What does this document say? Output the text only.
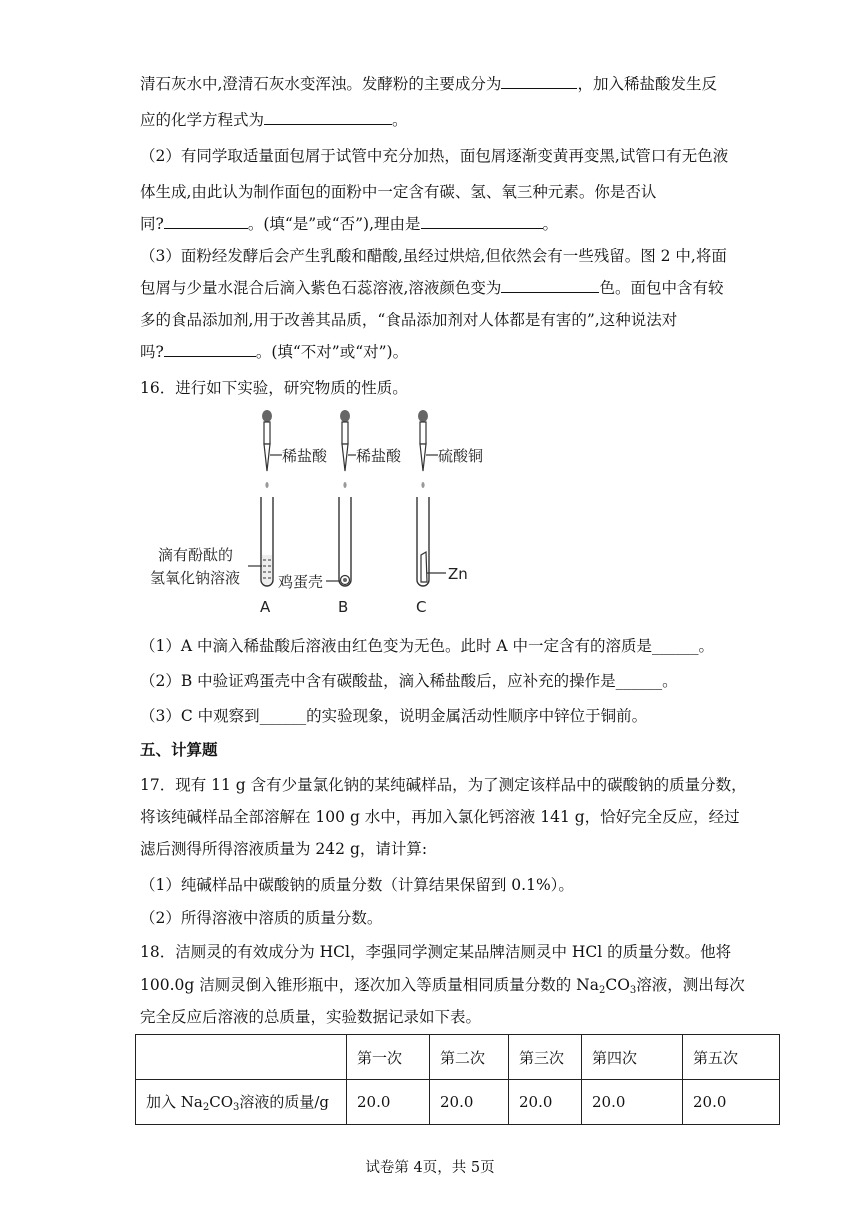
清石灰水中,澄清石灰水变浑浊。发酵粉的主要成分为	，加入稀盐酸发生反
应的化学方程式为	。
（2）有同学取适量面包屑于试管中充分加热，面包屑逐渐变黄再变黑,试管口有无色液
体生成,由此认为制作面包的面粉中一定含有碳、氢、氧三种元素。你是否认
同?	。(填“是”或“否”),理由是	。
（3）面粉经发酵后会产生乳酸和醋酸,虽经过烘焙,但依然会有一些残留。图 2 中,将面
包屑与少量水混合后滴入紫色石蕊溶液,溶液颜色变为	色。面包中含有较
多的食品添加剂,用于改善其品质，“食品添加剂对人体都是有害的”,这种说法对
吗?	。(填“不对”或“对”)。
16．进行如下实验，研究物质的性质。
稀盐酸 稀盐酸 硫酸铜
滴有酚酞的
氢氧化钠溶液
A
鸡蛋壳
B
Zn
C
（1）A 中滴入稀盐酸后溶液由红色变为无色。此时 A 中一定含有的溶质是______。
（2）B 中验证鸡蛋壳中含有碳酸盐，滴入稀盐酸后，应补充的操作是______。
（3）C 中观察到______的实验现象，说明金属活动性顺序中锌位于铜前。
五、计算题
17．现有 11 g 含有少量氯化钠的某纯碱样品，为了测定该样品中的碳酸钠的质量分数，
将该纯碱样品全部溶解在 100 g 水中，再加入氯化钙溶液 141 g，恰好完全反应，经过
滤后测得所得溶液质量为 242 g，请计算:
（1）纯碱样品中碳酸钠的质量分数（计算结果保留到 0.1%）。
（2）所得溶液中溶质的质量分数。
18．洁厕灵的有效成分为 HCl，李强同学测定某品牌洁厕灵中 HCl 的质量分数。他将
100.0g 洁厕灵倒入锥形瓶中，逐次加入等质量相同质量分数的 $Na_2CO_3$溶液，测出每次
完全反应后溶液的总质量，实验数据记录如下表。
	第一次	第二次	第三次	第四次	第五次
加入 $Na_2CO_3$溶液的质量/g	20.0	20.0	20.0	20.0	20.0
试卷第 4页，共 5页
